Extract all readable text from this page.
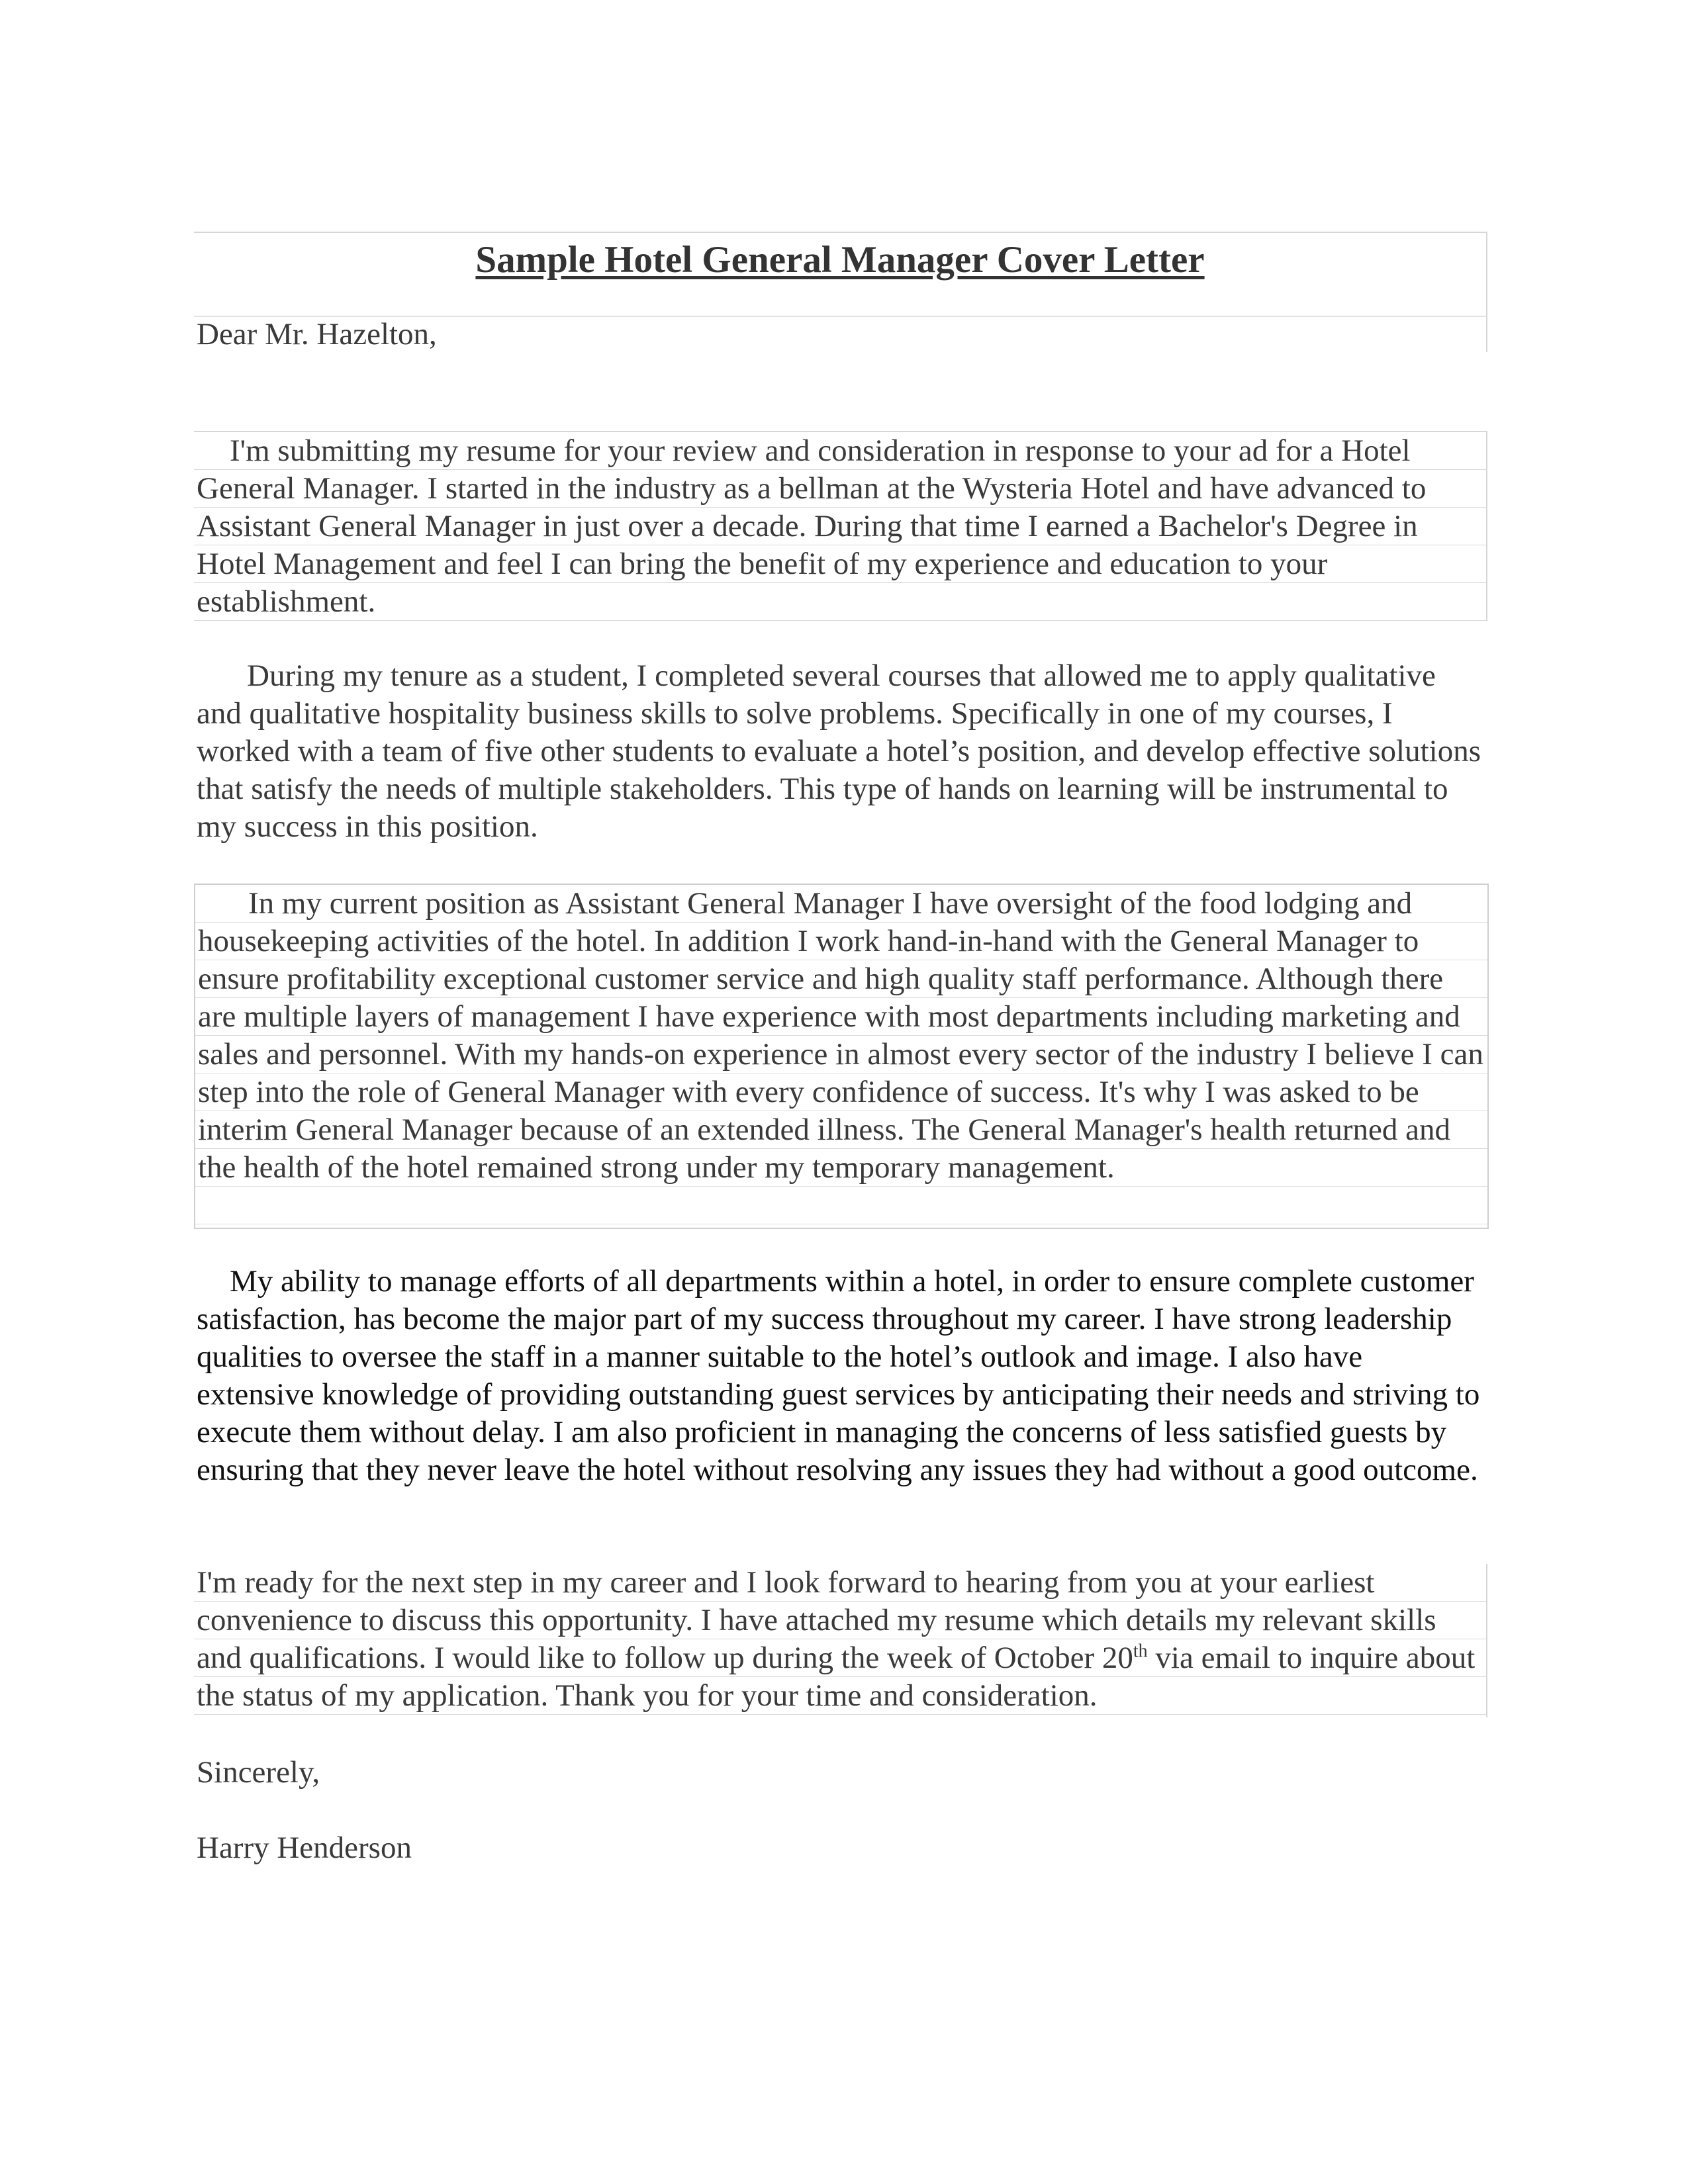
Sample Hotel General Manager Cover Letter
Dear Mr. Hazelton,

I'm submitting my resume for your review and consideration in response to your ad for a Hotel General Manager. I started in the industry as a bellman at the Wysteria Hotel and have advanced to Assistant General Manager in just over a decade. During that time I earned a Bachelor's Degree in Hotel Management and feel I can bring the benefit of my experience and education to your establishment.

During my tenure as a student, I completed several courses that allowed me to apply qualitative and qualitative hospitality business skills to solve problems. Specifically in one of my courses, I worked with a team of five other students to evaluate a hotel’s position, and develop effective solutions that satisfy the needs of multiple stakeholders. This type of hands on learning will be instrumental to my success in this position.

In my current position as Assistant General Manager I have oversight of the food lodging and housekeeping activities of the hotel. In addition I work hand-in-hand with the General Manager to ensure profitability exceptional customer service and high quality staff performance. Although there are multiple layers of management I have experience with most departments including marketing and sales and personnel. With my hands-on experience in almost every sector of the industry I believe I can step into the role of General Manager with every confidence of success. It's why I was asked to be interim General Manager because of an extended illness. The General Manager's health returned and the health of the hotel remained strong under my temporary management.

My ability to manage efforts of all departments within a hotel, in order to ensure complete customer satisfaction, has become the major part of my success throughout my career. I have strong leadership qualities to oversee the staff in a manner suitable to the hotel’s outlook and image. I also have extensive knowledge of providing outstanding guest services by anticipating their needs and striving to execute them without delay. I am also proficient in managing the concerns of less satisfied guests by ensuring that they never leave the hotel without resolving any issues they had without a good outcome.

I'm ready for the next step in my career and I look forward to hearing from you at your earliest convenience to discuss this opportunity. I have attached my resume which details my relevant skills and qualifications. I would like to follow up during the week of October 20th via email to inquire about the status of my application. Thank you for your time and consideration.

Sincerely,
Harry Henderson
